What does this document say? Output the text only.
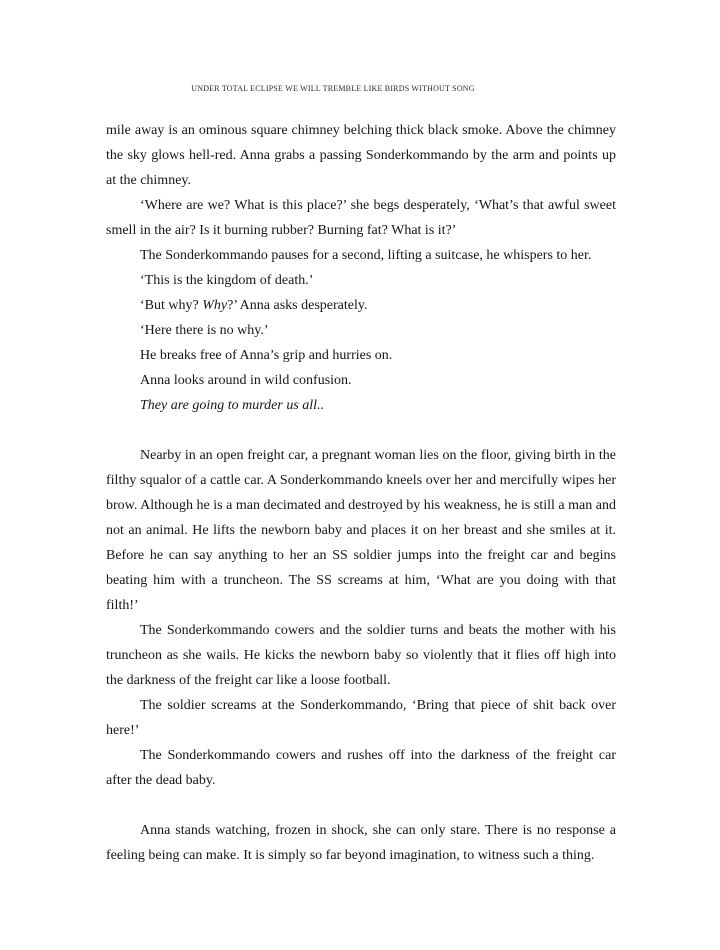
UNDER TOTAL ECLIPSE WE WILL TREMBLE LIKE BIRDS WITHOUT SONG

mile away is an ominous square chimney belching thick black smoke. Above the chimney the sky glows hell-red. Anna grabs a passing Sonderkommando by the arm and points up at the chimney.

‘Where are we? What is this place?’ she begs desperately, ‘What’s that awful sweet smell in the air? Is it burning rubber? Burning fat? What is it?’

The Sonderkommando pauses for a second, lifting a suitcase, he whispers to her.

‘This is the kingdom of death.’

‘But why? Why?’ Anna asks desperately.

‘Here there is no why.’

He breaks free of Anna’s grip and hurries on.

Anna looks around in wild confusion.

They are going to murder us all..

Nearby in an open freight car, a pregnant woman lies on the floor, giving birth in the filthy squalor of a cattle car. A Sonderkommando kneels over her and mercifully wipes her brow. Although he is a man decimated and destroyed by his weakness, he is still a man and not an animal. He lifts the newborn baby and places it on her breast and she smiles at it. Before he can say anything to her an SS soldier jumps into the freight car and begins beating him with a truncheon. The SS screams at him, ‘What are you doing with that filth!’

The Sonderkommando cowers and the soldier turns and beats the mother with his truncheon as she wails. He kicks the newborn baby so violently that it flies off high into the darkness of the freight car like a loose football.

The soldier screams at the Sonderkommando, ‘Bring that piece of shit back over here!’

The Sonderkommando cowers and rushes off into the darkness of the freight car after the dead baby.

Anna stands watching, frozen in shock, she can only stare. There is no response a feeling being can make. It is simply so far beyond imagination, to witness such a thing.
